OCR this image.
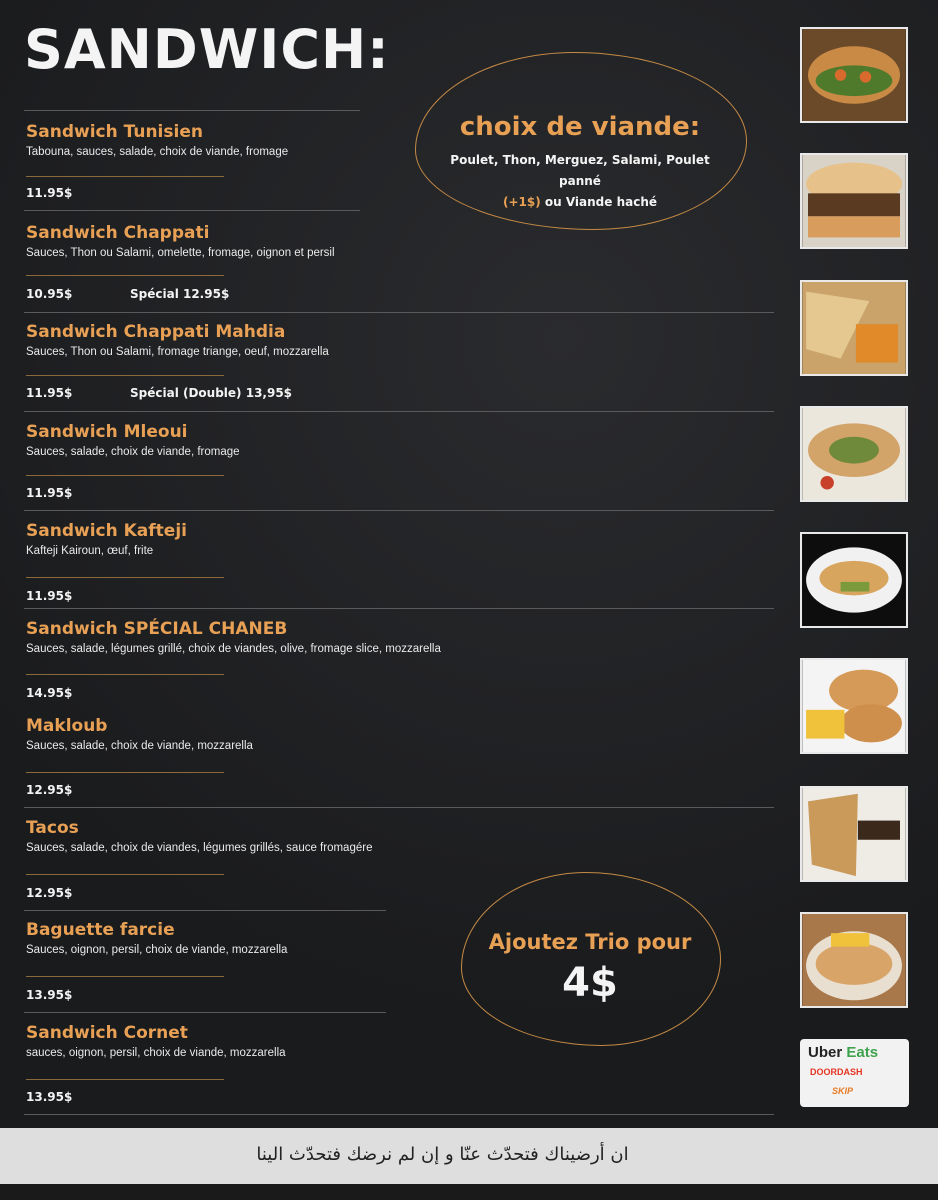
SANDWICH:
Sandwich Tunisien
Tabouna, sauces, salade, choix de viande, fromage
11.95$
Sandwich Chappati
Sauces, Thon ou Salami, omelette, fromage, oignon et persil
10.95$	Spécial 12.95$
Sandwich Chappati Mahdia
Sauces, Thon ou Salami, fromage triange, oeuf, mozzarella
11.95$	Spécial (Double) 13,95$
Sandwich Mleoui
Sauces, salade, choix de viande, fromage
11.95$
Sandwich Kafteji
Kafteji Kairoun, œuf, frite
11.95$
Sandwich SPÉCIAL CHANEB
Sauces, salade, légumes grillé, choix de viandes, olive, fromage slice, mozzarella
14.95$
Makloub
Sauces, salade, choix de viande, mozzarella
12.95$
Tacos
Sauces, salade, choix de viandes, légumes grillés, sauce fromagére
12.95$
Baguette farcie
Sauces, oignon, persil, choix de viande, mozzarella
13.95$
Sandwich Cornet
sauces, oignon, persil, choix de viande, mozzarella
13.95$
choix de viande:
Poulet, Thon, Merguez, Salami, Poulet panné
(+1$) ou Viande haché
Ajoutez Trio pour
4$
Uber Eats
DOORDASH
SKIP
ان أرضيناك فتحدّث عنّا و إن لم نرضك فتحدّث الينا
